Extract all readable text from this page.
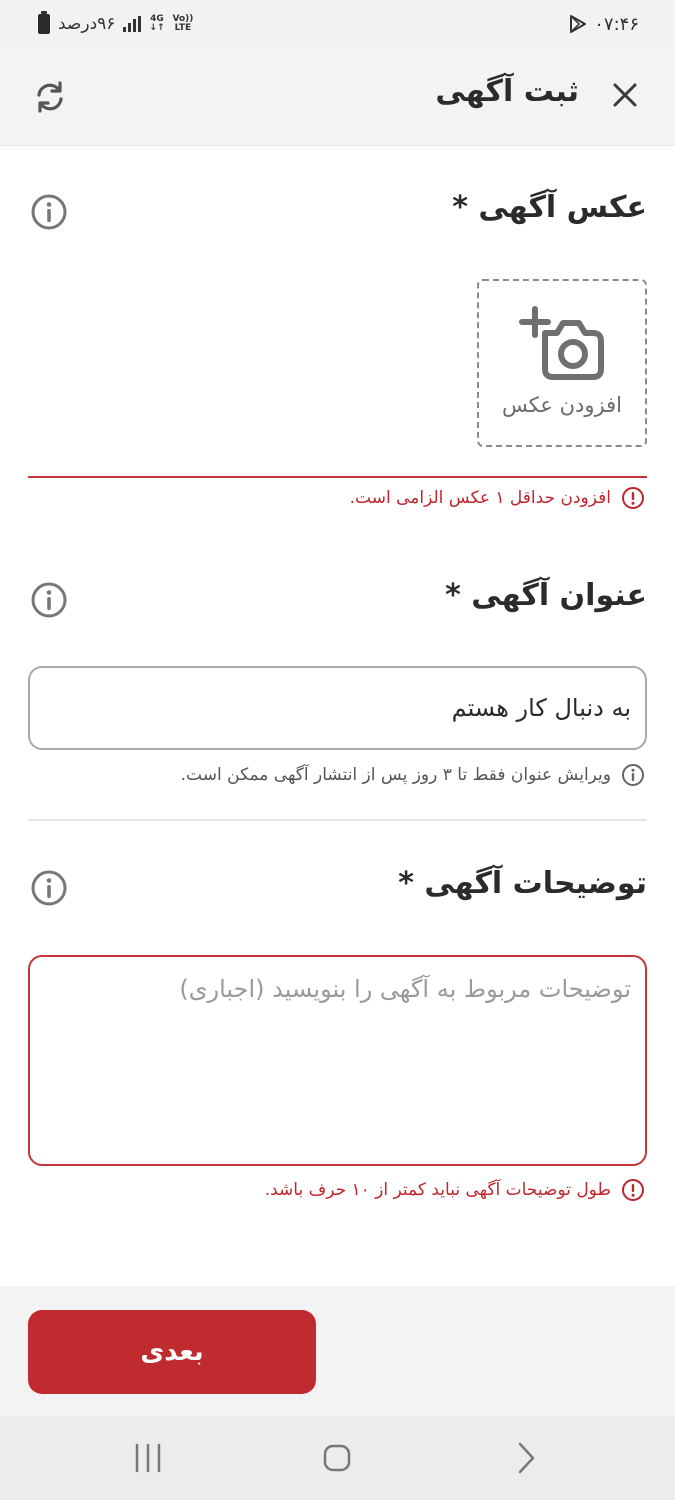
۹۶درصد	4G
↓↑
Vo))
LTE	۰۷:۴۶
ثبت آگهی
عکس آگهی *
افزودن عکس
افزودن حداقل ۱ عکس الزامی است.
عنوان آگهی *
به دنبال کار هستم
ویرایش عنوان فقط تا ۳ روز پس از انتشار آگهی ممکن است.
توضیحات آگهی *
توضیحات مربوط به آگهی را بنویسید (اجباری)
طول توضیحات آگهی نباید کمتر از ۱۰ حرف باشد.
بعدی
